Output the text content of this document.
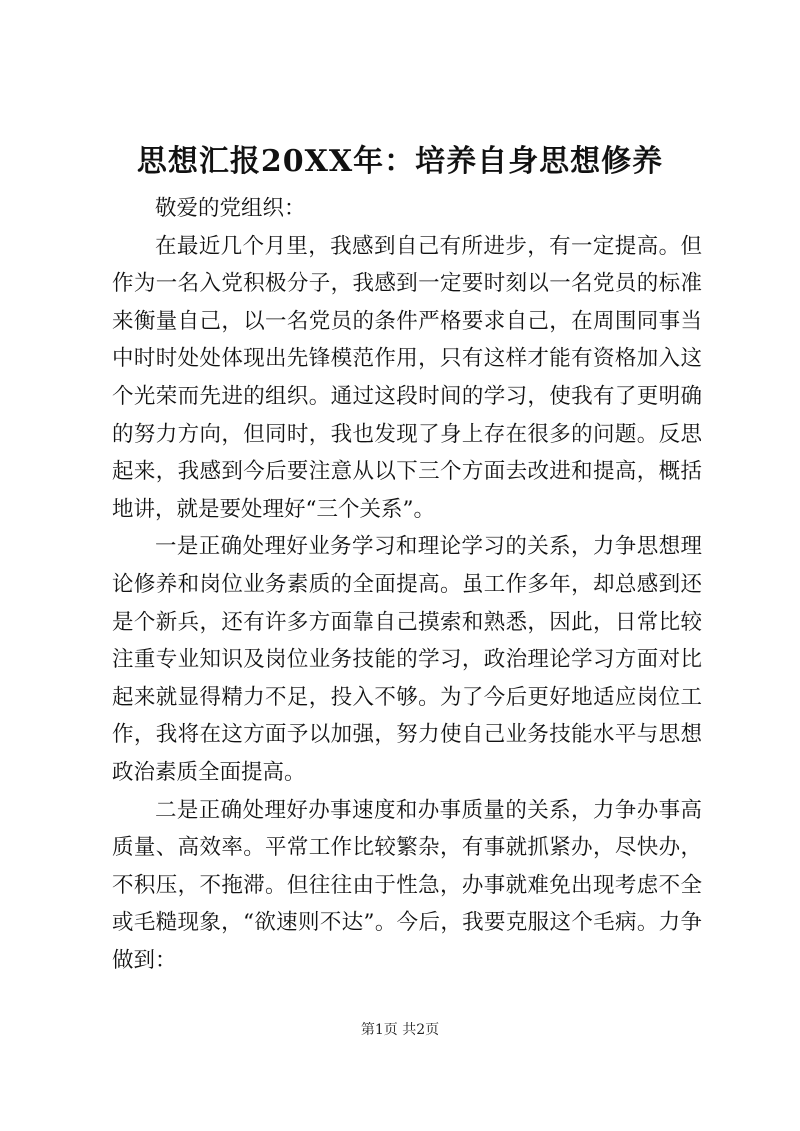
思想汇报20XX年：培养自身思想修养

敬爱的党组织：

在最近几个月里，我感到自己有所进步，有一定提高。但作为一名入党积极分子，我感到一定要时刻以一名党员的标准来衡量自己，以一名党员的条件严格要求自己，在周围同事当中时时处处体现出先锋模范作用，只有这样才能有资格加入这个光荣而先进的组织。通过这段时间的学习，使我有了更明确的努力方向，但同时，我也发现了身上存在很多的问题。反思起来，我感到今后要注意从以下三个方面去改进和提高，概括地讲，就是要处理好“三个关系”。

一是正确处理好业务学习和理论学习的关系，力争思想理论修养和岗位业务素质的全面提高。虽工作多年，却总感到还是个新兵，还有许多方面靠自己摸索和熟悉，因此，日常比较注重专业知识及岗位业务技能的学习，政治理论学习方面对比起来就显得精力不足，投入不够。为了今后更好地适应岗位工作，我将在这方面予以加强，努力使自己业务技能水平与思想政治素质全面提高。

二是正确处理好办事速度和办事质量的关系，力争办事高质量、高效率。平常工作比较繁杂，有事就抓紧办，尽快办，不积压，不拖滞。但往往由于性急，办事就难免出现考虑不全或毛糙现象，“欲速则不达”。今后，我要克服这个毛病。力争做到：

第1页 共2页
